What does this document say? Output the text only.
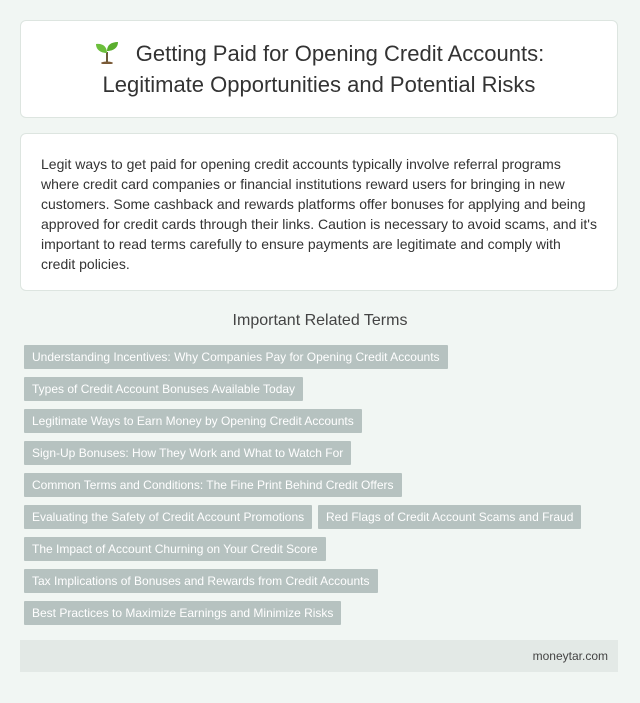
Getting Paid for Opening Credit Accounts:
Legitimate Opportunities and Potential Risks

Legit ways to get paid for opening credit accounts typically involve referral programs where credit card companies or financial institutions reward users for bringing in new customers. Some cashback and rewards platforms offer bonuses for applying and being approved for credit cards through their links. Caution is necessary to avoid scams, and it's important to read terms carefully to ensure payments are legitimate and comply with credit policies.

Important Related Terms
Understanding Incentives: Why Companies Pay for Opening Credit Accounts
Types of Credit Account Bonuses Available Today
Legitimate Ways to Earn Money by Opening Credit Accounts
Sign-Up Bonuses: How They Work and What to Watch For
Common Terms and Conditions: The Fine Print Behind Credit Offers
Evaluating the Safety of Credit Account Promotions	Red Flags of Credit Account Scams and Fraud
The Impact of Account Churning on Your Credit Score
Tax Implications of Bonuses and Rewards from Credit Accounts
Best Practices to Maximize Earnings and Minimize Risks
moneytar.com
